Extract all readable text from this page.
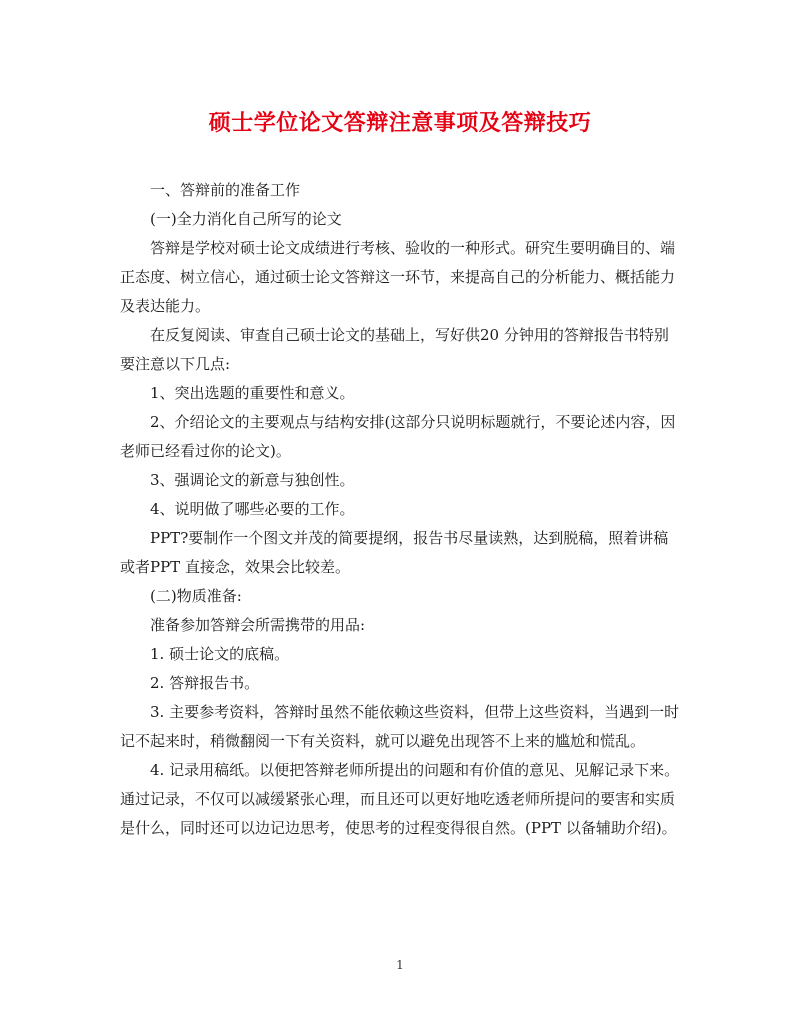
硕士学位论文答辩注意事项及答辩技巧

一、答辩前的准备工作

(一)全力消化自己所写的论文

答辩是学校对硕士论文成绩进行考核、验收的一种形式。研究生要明确目的、端正态度、树立信心，通过硕士论文答辩这一环节，来提高自己的分析能力、概括能力及表达能力。

在反复阅读、审查自己硕士论文的基础上，写好供20 分钟用的答辩报告书特别要注意以下几点:

1、突出选题的重要性和意义。

2、介绍论文的主要观点与结构安排(这部分只说明标题就行，不要论述内容，因老师已经看过你的论文)。

3、强调论文的新意与独创性。

4、说明做了哪些必要的工作。

PPT?要制作一个图文并茂的简要提纲，报告书尽量读熟，达到脱稿，照着讲稿或者PPT 直接念，效果会比较差。

(二)物质准备:

准备参加答辩会所需携带的用品:

1. 硕士论文的底稿。

2. 答辩报告书。

3. 主要参考资料，答辩时虽然不能依赖这些资料，但带上这些资料，当遇到一时记不起来时，稍微翻阅一下有关资料，就可以避免出现答不上来的尴尬和慌乱。

4. 记录用稿纸。以便把答辩老师所提出的问题和有价值的意见、见解记录下来。通过记录，不仅可以减缓紧张心理，而且还可以更好地吃透老师所提问的要害和实质是什么，同时还可以边记边思考，使思考的过程变得很自然。(PPT 以备辅助介绍)。

1
